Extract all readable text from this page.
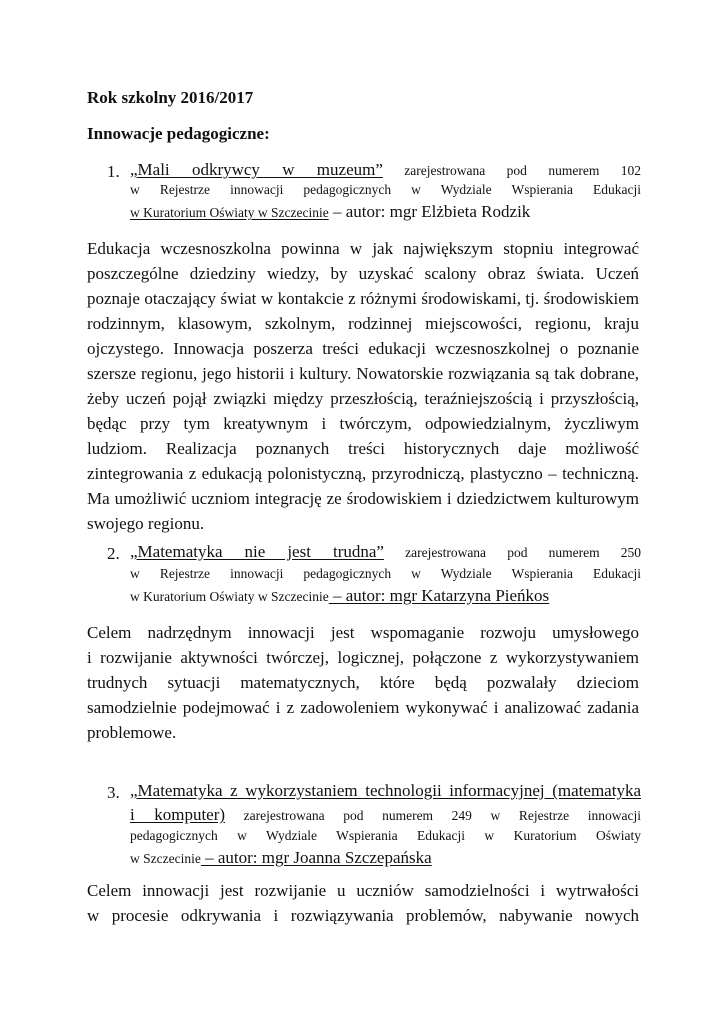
Rok szkolny 2016/2017
Innowacje pedagogiczne:
1. „Mali odkrywcy w muzeum” zarejestrowana pod numerem 102
w Rejestrze innowacji pedagogicznych w Wydziale Wspierania Edukacji
w Kuratorium Oświaty w Szczecinie – autor: mgr Elżbieta Rodzik
Edukacja wczesnoszkolna powinna w jak największym stopniu integrować
poszczególne dziedziny wiedzy, by uzyskać scalony obraz świata. Uczeń
poznaje otaczający świat w kontakcie z różnymi środowiskami, tj. środowiskiem
rodzinnym, klasowym, szkolnym, rodzinnej miejscowości, regionu, kraju
ojczystego. Innowacja poszerza treści edukacji wczesnoszkolnej o poznanie
szersze regionu, jego historii i kultury. Nowatorskie rozwiązania są tak dobrane,
żeby uczeń pojął związki między przeszłością, teraźniejszością i przyszłością,
będąc przy tym kreatywnym i twórczym, odpowiedzialnym, życzliwym
ludziom. Realizacja poznanych treści historycznych daje możliwość
zintegrowania z edukacją polonistyczną, przyrodniczą, plastyczno – techniczną.
Ma umożliwić uczniom integrację ze środowiskiem i dziedzictwem kulturowym
swojego regionu.
2. „Matematyka nie jest trudna” zarejestrowana pod numerem 250
w Rejestrze innowacji pedagogicznych w Wydziale Wspierania Edukacji
w Kuratorium Oświaty w Szczecinie – autor: mgr Katarzyna Pieńkos
Celem nadrzędnym innowacji jest wspomaganie rozwoju umysłowego
i rozwijanie aktywności twórczej, logicznej, połączone z wykorzystywaniem
trudnych sytuacji matematycznych, które będą pozwalały dzieciom
samodzielnie podejmować i z zadowoleniem wykonywać i analizować zadania
problemowe.
3. „Matematyka z wykorzystaniem technologii informacyjnej (matematyka
i komputer) zarejestrowana pod numerem 249 w Rejestrze innowacji
pedagogicznych w Wydziale Wspierania Edukacji w Kuratorium Oświaty
w Szczecinie – autor: mgr Joanna Szczepańska
Celem innowacji jest rozwijanie u uczniów samodzielności i wytrwałości
w procesie odkrywania i rozwiązywania problemów, nabywanie nowych
